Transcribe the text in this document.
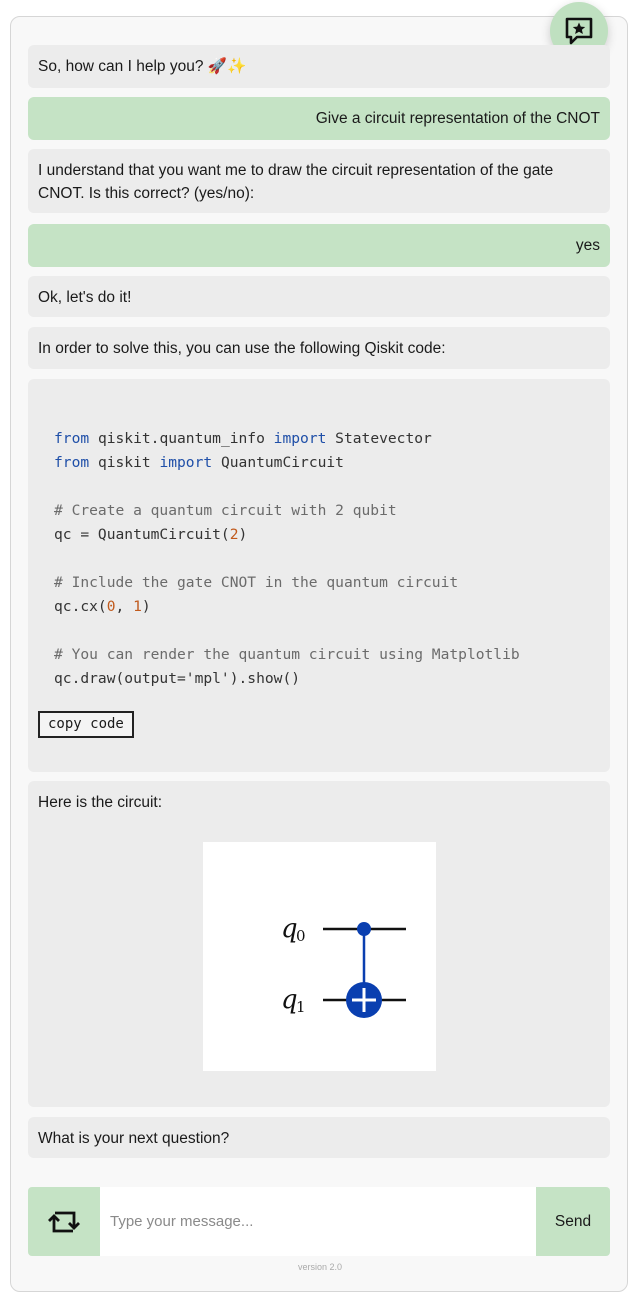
So, how can I help you? 🚀✨
Give a circuit representation of the CNOT
I understand that you want me to draw the circuit representation of the gate CNOT. Is this correct? (yes/no):
yes
Ok, let's do it!
In order to solve this, you can use the following Qiskit code:
from qiskit.quantum_info import Statevector
from qiskit import QuantumCircuit

# Create a quantum circuit with 2 qubit
qc = QuantumCircuit(2)

# Include the gate CNOT in the quantum circuit
qc.cx(0, 1)

# You can render the quantum circuit using Matplotlib
qc.draw(output='mpl').show()
copy code
Here is the circuit:
q
0
q
1
What is your next question?
Type your message...
Send
version 2.0
